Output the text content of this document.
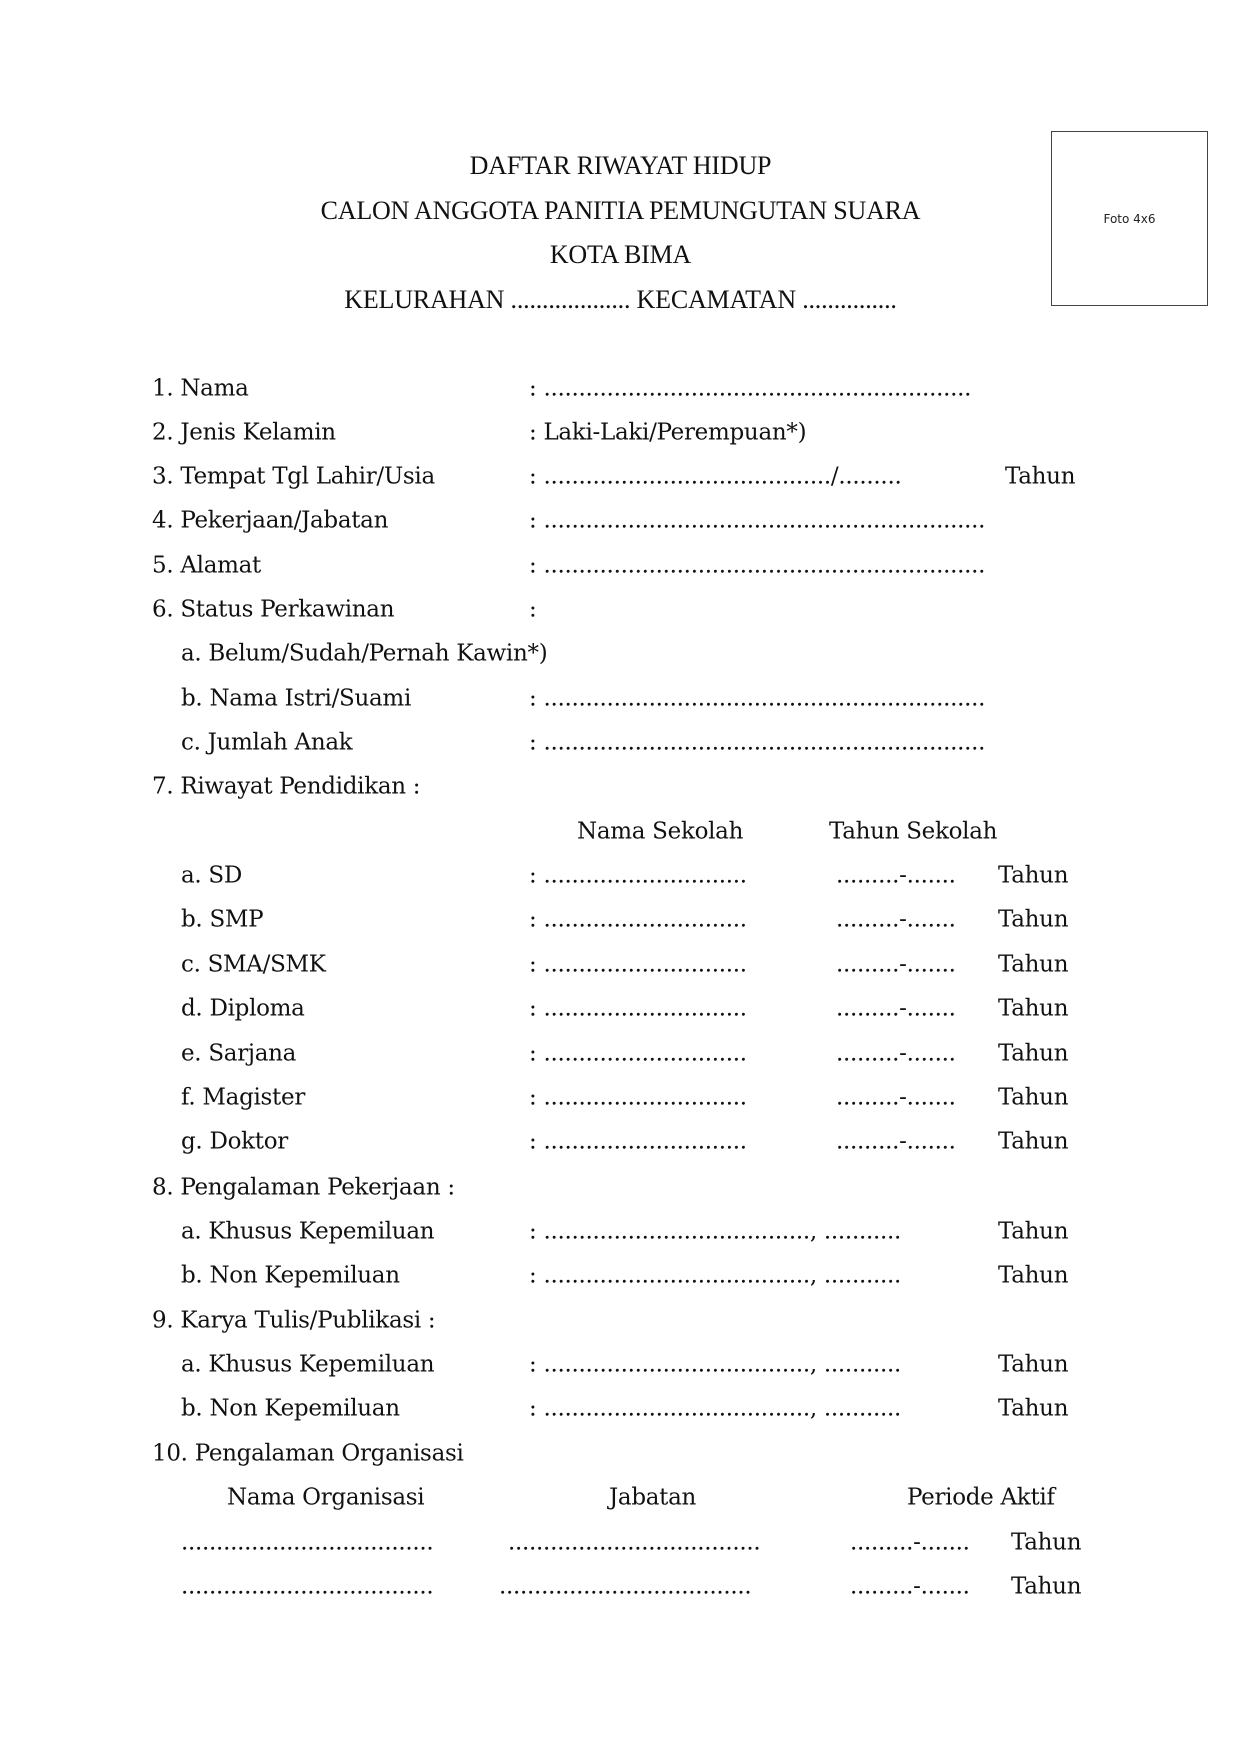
DAFTAR RIWAYAT HIDUP
CALON ANGGOTA PANITIA PEMUNGUTAN SUARA
KOTA BIMA
KELURAHAN ................... KECAMATAN ...............
Foto 4x6
1. Nama	: .............................................................
2. Jenis Kelamin	: Laki-Laki/Perempuan*)
3. Tempat Tgl Lahir/Usia	: ........................................./.........	Tahun
4. Pekerjaan/Jabatan	: ...............................................................
5. Alamat	: ...............................................................
6. Status Perkawinan	:
a. Belum/Sudah/Pernah Kawin*)
b. Nama Istri/Suami	: ...............................................................
c. Jumlah Anak	: ...............................................................
7. Riwayat Pendidikan :
Nama Sekolah	Tahun Sekolah
a. SD	: .............................	.........-....... Tahun
b. SMP	: .............................	.........-....... Tahun
c. SMA/SMK	: .............................	.........-....... Tahun
d. Diploma	: .............................	.........-....... Tahun
e. Sarjana	: .............................	.........-....... Tahun
f. Magister	: .............................	.........-....... Tahun
g. Doktor	: .............................	.........-....... Tahun
8. Pengalaman Pekerjaan :
a. Khusus Kepemiluan	: ......................................, ...........	Tahun
b. Non Kepemiluan	: ......................................, ...........	Tahun
9. Karya Tulis/Publikasi :
a. Khusus Kepemiluan	: ......................................, ...........	Tahun
b. Non Kepemiluan	: ......................................, ...........	Tahun
10. Pengalaman Organisasi
Nama Organisasi	Jabatan	Periode Aktif
....................................	....................................	.........-....... Tahun
....................................	....................................	.........-....... Tahun
